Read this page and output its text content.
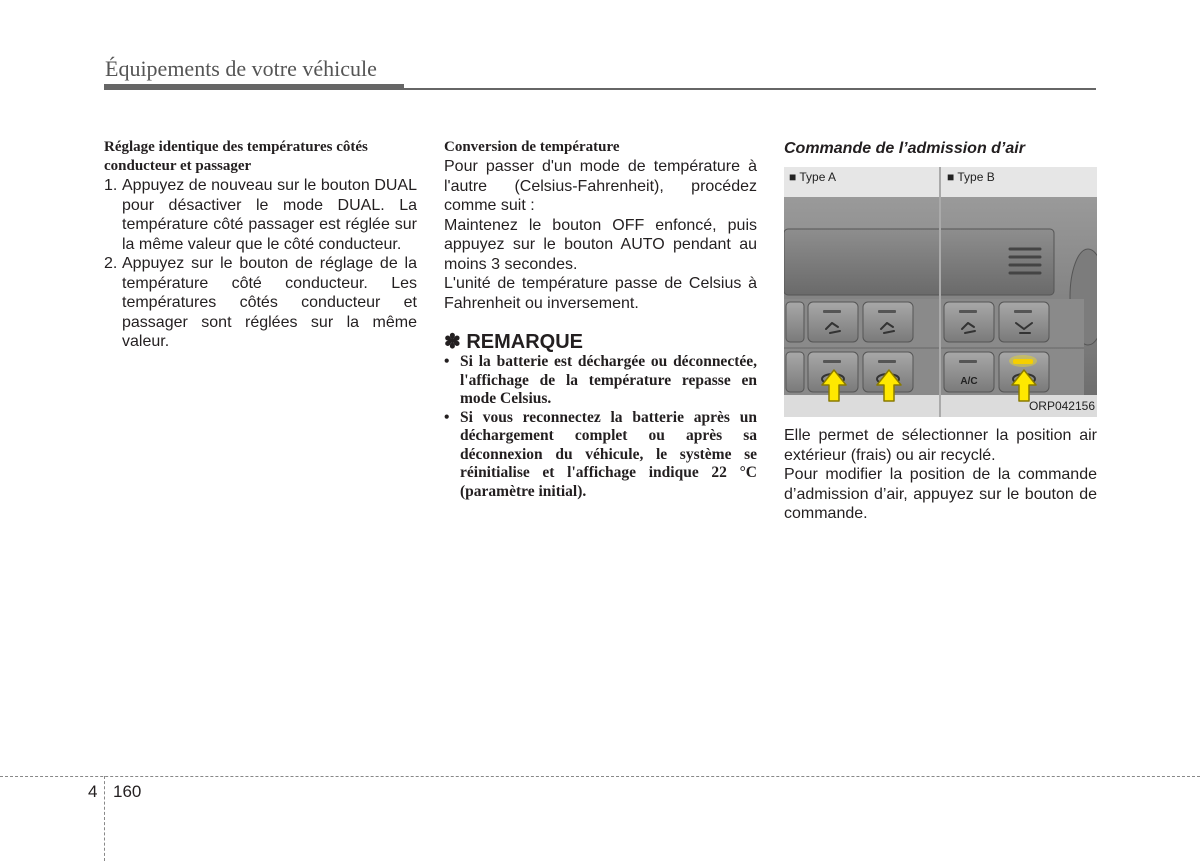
Équipements de votre véhicule

Réglage identique des températures côtés conducteur et passager

1. Appuyez de nouveau sur le bouton DUAL pour désactiver le mode DUAL. La température côté passager est réglée sur la même valeur que le côté conducteur.
2. Appuyez sur le bouton de réglage de la température côté conducteur. Les températures côtés conducteur et passager sont réglées sur la même valeur.

Conversion de température

Pour passer d'un mode de température à l'autre (Celsius-Fahrenheit), procédez comme suit :

Maintenez le bouton OFF enfoncé, puis appuyez sur le bouton AUTO pendant au moins 3 secondes.

L'unité de température passe de Celsius à Fahrenheit ou inversement.

✽ REMARQUE
• Si la batterie est déchargée ou déconnectée, l'affichage de la température repasse en mode Celsius.
• Si vous reconnectez la batterie après un déchargement complet ou après sa déconnexion du véhicule, le système se réinitialise et l'affichage indique 22 °C (paramètre initial).

Commande de l’admission d’air

A/C
■ Type A	■ Type B
ORP042156

Elle permet de sélectionner la position air extérieur (frais) ou air recyclé.

Pour modifier la position de la commande d’admission d’air, appuyez sur le bouton de commande.

4 160
